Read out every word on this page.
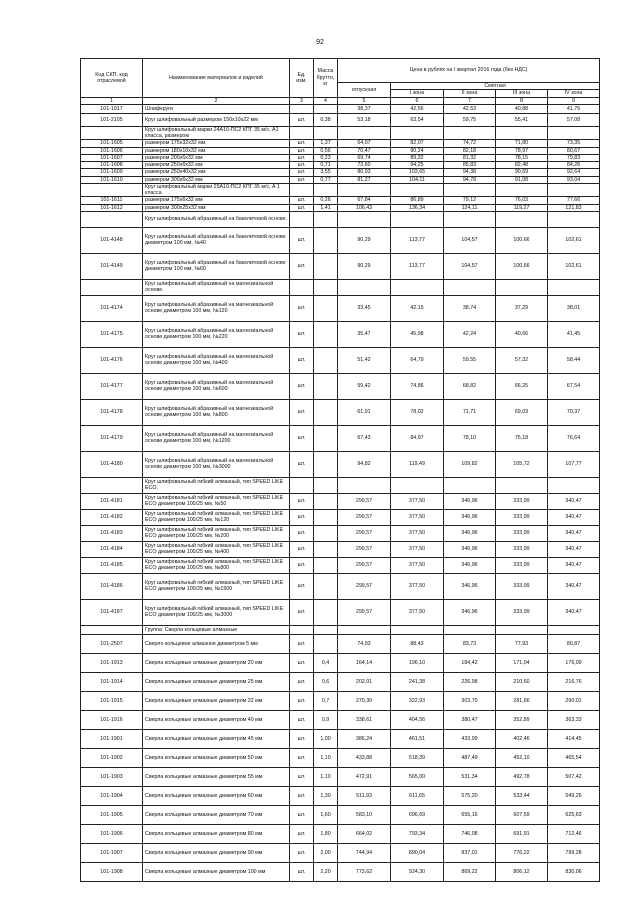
92
Код СКП, код отраслевой	Наименование материалов и изделий	Ед. изм.	Масса брутто, кг	Цена в рублях на I квартал 2016 года (без НДС)				
				отпускная	Сметная			
					I зона	II зона	III зона	IV зона
1	2	3	4	5	6	7	8	9
101-1917	Шлифкруги			38,37	42,56	42,53	40,88	41,76
101-2105	Круг шлифовальный размером 150x10x22 мм	шт.	0,38	53,18	63,54	59,75	55,41	57,08
	Круг шлифовальный марки 24А10-ПС2 КПГ 35 м/с, А1 класса, размером							
101-1605	размером 175х32х32 мм	шт.	1,37	64,07	82,07	74,72	71,80	73,35
101-1606	размером 180х10х32 мм	шт.	0,56	70,47	90,24	82,18	78,97	80,67
101-1607	размером 200х6х32 мм	шт.	0,23	69,74	89,32	81,32	78,15	79,83
101-1608	размером 250х6х32 мм	шт.	0,71	73,60	94,25	85,83	82,48	84,26
101-1609	размером 250х40х32 мм	шт.	3,55	80,93	103,65	94,38	90,69	92,64
101-1610	размером 300х6х32 мм	шт.	0,77	81,27	104,11	94,78	91,08	93,04
	Круг шлифовальный марки 25А10-ПС2 КПГ 35 м/с, А 1 класса							
101-1611	размером 175х6х32 мм	шт.	0,26	67,84	86,89	79,12	76,03	77,66
101-1612	размером 300х25х32 мм	шт.	1,41	106,43	136,34	124,11	119,27	121,83
	Круг шлифовальный абразивный на бакелитовой основе.							
101-4148	Круг шлифовальный абразивный на бакелитовой основе диаметром 100 мм, №40	шт.		90,29	113,77	104,57	100,66	102,61
101-4149	Круг шлифовальный абразивный на бакелитовой основе диаметром 100 мм, №60	шт.		90,29	113,77	104,57	100,66	102,61
	Круг шлифовальный абразивный на магнезиальной основе.							
101-4174	Круг шлифовальный абразивный на магнезиальной основе диаметром 100 мм, №120	шт.		33,45	42,15	38,74	37,29	38,01
101-4175	Круг шлифовальный абразивный на магнезиальной основе диаметром 100 мм, №220	шт.		35,47	45,98	42,24	40,66	41,45
101-4176	Круг шлифовальный абразивный на магнезиальной основе диаметром 100 мм, №400	шт.		51,42	64,79	59,55	57,32	58,44
101-4177	Круг шлифовальный абразивный на магнезиальной основе диаметром 100 мм, №600	шт.		59,42	74,86	68,82	66,25	67,54
101-4178	Круг шлифовальный абразивный на магнезиальной основе диаметром 100 мм, №800	шт.		61,91	78,02	71,71	69,03	70,37
101-4179	Круг шлифовальный абразивный на магнезиальной основе диаметром 100 мм, №1200	шт.		67,43	84,97	78,10	75,18	76,64
101-4180	Круг шлифовальный абразивный на магнезиальной основе диаметром 100 мм, №3000	шт.		94,82	119,49	109,82	105,72	107,77
	Круг шлифовальный гибкий алмазный, тип SPEED LIKE ECO.							
101-4181	Круг шлифовальный гибкий алмазный, тип SPEED LIKE ECO диаметром 100/25 мм, №50	шт.		299,57	377,50	346,96	333,99	340,47
101-4182	Круг шлифовальный гибкий алмазный, тип SPEED LIKE ECO диаметром 100/25 мм, №120	шт.		299,57	377,50	346,96	333,99	340,47
101-4183	Круг шлифовальный гибкий алмазный, тип SPEED LIKE ECO диаметром 100/25 мм, №200	шт.		299,57	377,50	346,96	333,99	340,47
101-4184	Круг шлифовальный гибкий алмазный, тип SPEED LIKE ECO диаметром 100/25 мм, №400	шт.		299,57	377,50	346,96	333,99	340,47
101-4185	Круг шлифовальный гибкий алмазный, тип SPEED LIKE ECO диаметром 100/25 мм, №800	шт.		299,57	377,50	346,96	333,99	340,47
101-4186	Круг шлифовальный гибкий алмазный, тип SPEED LIKE ECO диаметром 100/25 мм, №1500	шт.		299,57	377,50	346,96	333,99	340,47
101-4187	Круг шлифовальный гибкий алмазный, тип SPEED LIKE ECO диаметром 100/25 мм, №3000	шт.		299,57	377,50	346,96	333,99	340,47
	Группа: Сверла кольцевые алмазные							
101-2507	Сверло кольцевое алмазное диаметром 5 мм	шт.		74,93	88,43	83,73	77,93	80,87
101-1913	Сверла кольцевые алмазные диаметром 20 мм	шт.	0,4	164,14	196,10	184,42	171,04	176,09
101-1914	Сверла кольцевые алмазные диаметром 25 мм	шт.	0,6	202,01	241,38	226,98	210,60	216,76
101-1915	Сверла кольцевые алмазные диаметром 32 мм	шт.	0,7	270,30	322,93	303,70	281,66	290,01
101-1916	Сверла кольцевые алмазные диаметром 40 мм	шт.	0,9	338,61	404,56	380,47	352,89	363,33
101-1901	Сверла кольцевые алмазные диаметром 45 мм	шт.	1,00	386,24	461,51	433,99	402,46	414,45
101-1902	Сверла кольцевые алмазные диаметром 50 мм	шт.	1,10	433,88	518,39	487,49	452,10	465,54
101-1903	Сверла кольцевые алмазные диаметром 55 мм	шт.	1,10	472,91	565,00	531,34	492,78	507,42
101-1904	Сверла кольцевые алмазные диаметром 60 мм	шт.	1,30	511,93	611,65	575,20	533,44	549,26
101-1905	Сверла кольцевые алмазные диаметром 70 мм	шт.	1,60	583,10	696,69	655,16	607,59	625,63
101-1906	Сверла кольцевые алмазные диаметром 80 мм	шт.	1,80	664,02	793,34	746,08	691,91	712,46
101-1907	Сверла кольцевые алмазные диаметром 90 мм	шт.	2,00	744,94	890,04	837,01	776,22	799,28
101-1908	Сверла кольцевые алмазные диаметром 100 мм	шт.	2,20	773,62	924,30	869,22	806,12	830,06
